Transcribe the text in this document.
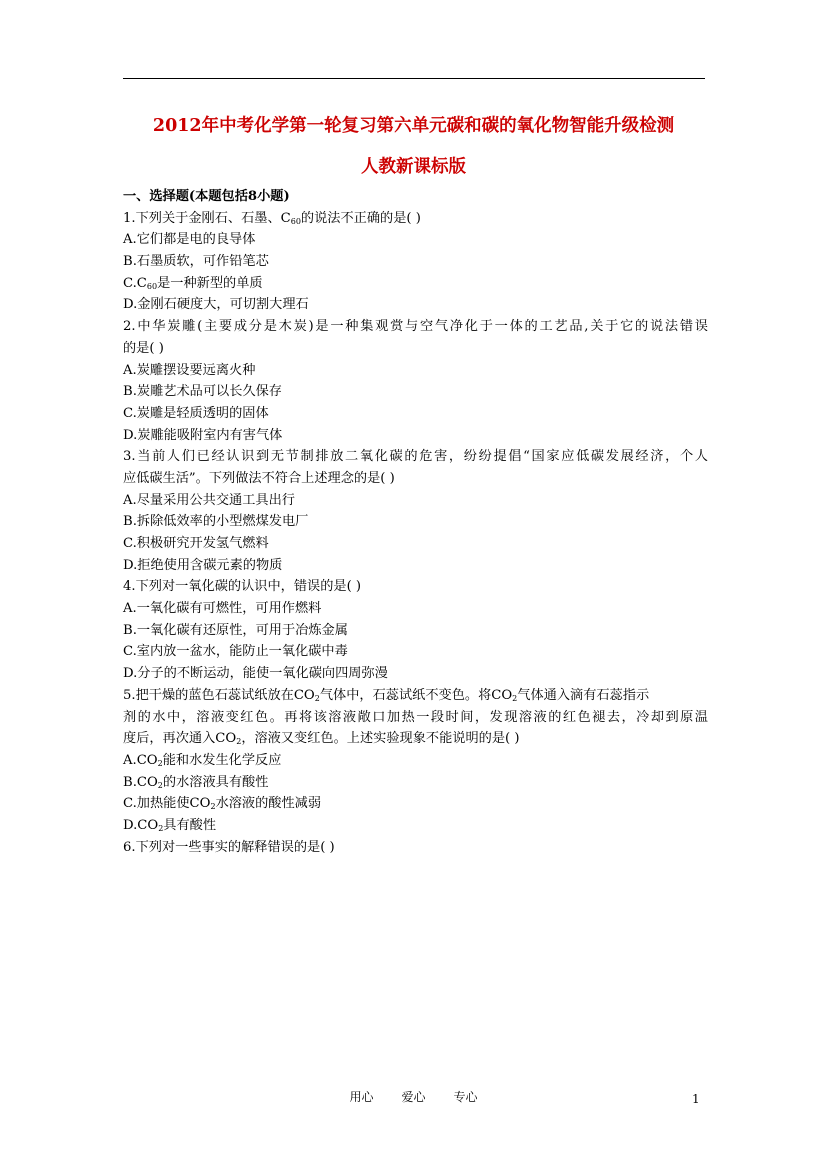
2012年中考化学第一轮复习第六单元碳和碳的氧化物智能升级检测
人教新课标版
一、选择题(本题包括8小题)
1.下列关于金刚石、石墨、$C_{60}$的说法不正确的是( )
A.它们都是电的良导体
B.石墨质软，可作铅笔芯
$C.C_{60}$是一种新型的单质
D.金刚石硬度大，可切割大理石
2.中华炭雕(主要成分是木炭)是一种集观赏与空气净化于一体的工艺品,关于它的说法错误
的是( )
A.炭雕摆设要远离火种
B.炭雕艺术品可以长久保存
C.炭雕是轻质透明的固体
D.炭雕能吸附室内有害气体
3.当前人们已经认识到无节制排放二氧化碳的危害，纷纷提倡“国家应低碳发展经济，个人
应低碳生活”。下列做法不符合上述理念的是( )
A.尽量采用公共交通工具出行
B.拆除低效率的小型燃煤发电厂
C.积极研究开发氢气燃料
D.拒绝使用含碳元素的物质
4.下列对一氧化碳的认识中，错误的是( )
A.一氧化碳有可燃性，可用作燃料
B.一氧化碳有还原性，可用于冶炼金属
C.室内放一盆水，能防止一氧化碳中毒
D.分子的不断运动，能使一氧化碳向四周弥漫
5.把干燥的蓝色石蕊试纸放在$CO_2$气体中，石蕊试纸不变色。将$CO_2$气体通入滴有石蕊指示
剂的水中，溶液变红色。再将该溶液敞口加热一段时间，发现溶液的红色褪去，冷却到原温
度后，再次通入$CO_2$，溶液又变红色。上述实验现象不能说明的是( )
$A.CO_2$能和水发生化学反应
$B.CO_2$的水溶液具有酸性
C.加热能使$CO_2$水溶液的酸性减弱
$D.CO_2$具有酸性
6.下列对一些事实的解释错误的是( )
用心 爱心 专心	1
